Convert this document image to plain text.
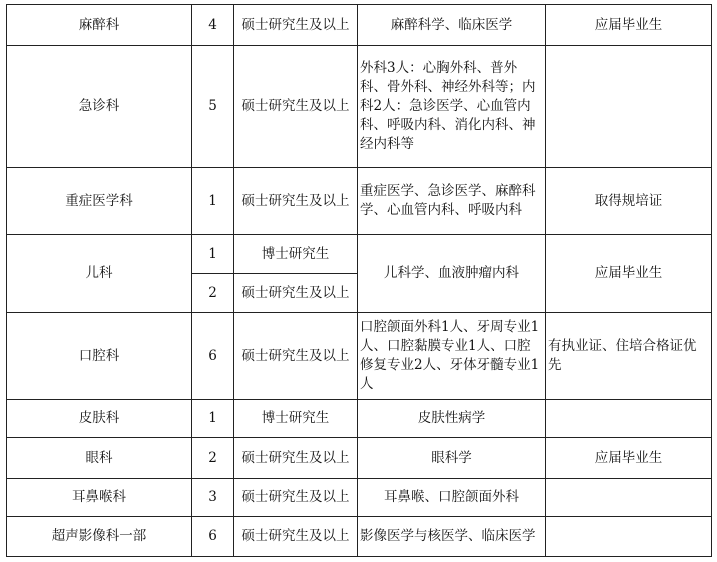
麻醉科	4	硕士研究生及以上	麻醉科学、临床医学	应届毕业生
急诊科	5	硕士研究生及以上	外科3人：心胸外科、普外科、骨外科、神经外科等；内科2人：急诊医学、心血管内科、呼吸内科、消化内科、神经内科等	
重症医学科	1	硕士研究生及以上	重症医学、急诊医学、麻醉科学、心血管内科、呼吸内科	取得规培证
儿科	1	博士研究生	儿科学、血液肿瘤内科	应届毕业生
	2	硕士研究生及以上		
口腔科	6	硕士研究生及以上	口腔颌面外科1人、牙周专业1人、口腔黏膜专业1人、口腔修复专业2人、牙体牙髓专业1人	有执业证、住培合格证优先
皮肤科	1	博士研究生	皮肤性病学	
眼科	2	硕士研究生及以上	眼科学	应届毕业生
耳鼻喉科	3	硕士研究生及以上	耳鼻喉、口腔颌面外科	
超声影像科一部	6	硕士研究生及以上	影像医学与核医学、临床医学	
